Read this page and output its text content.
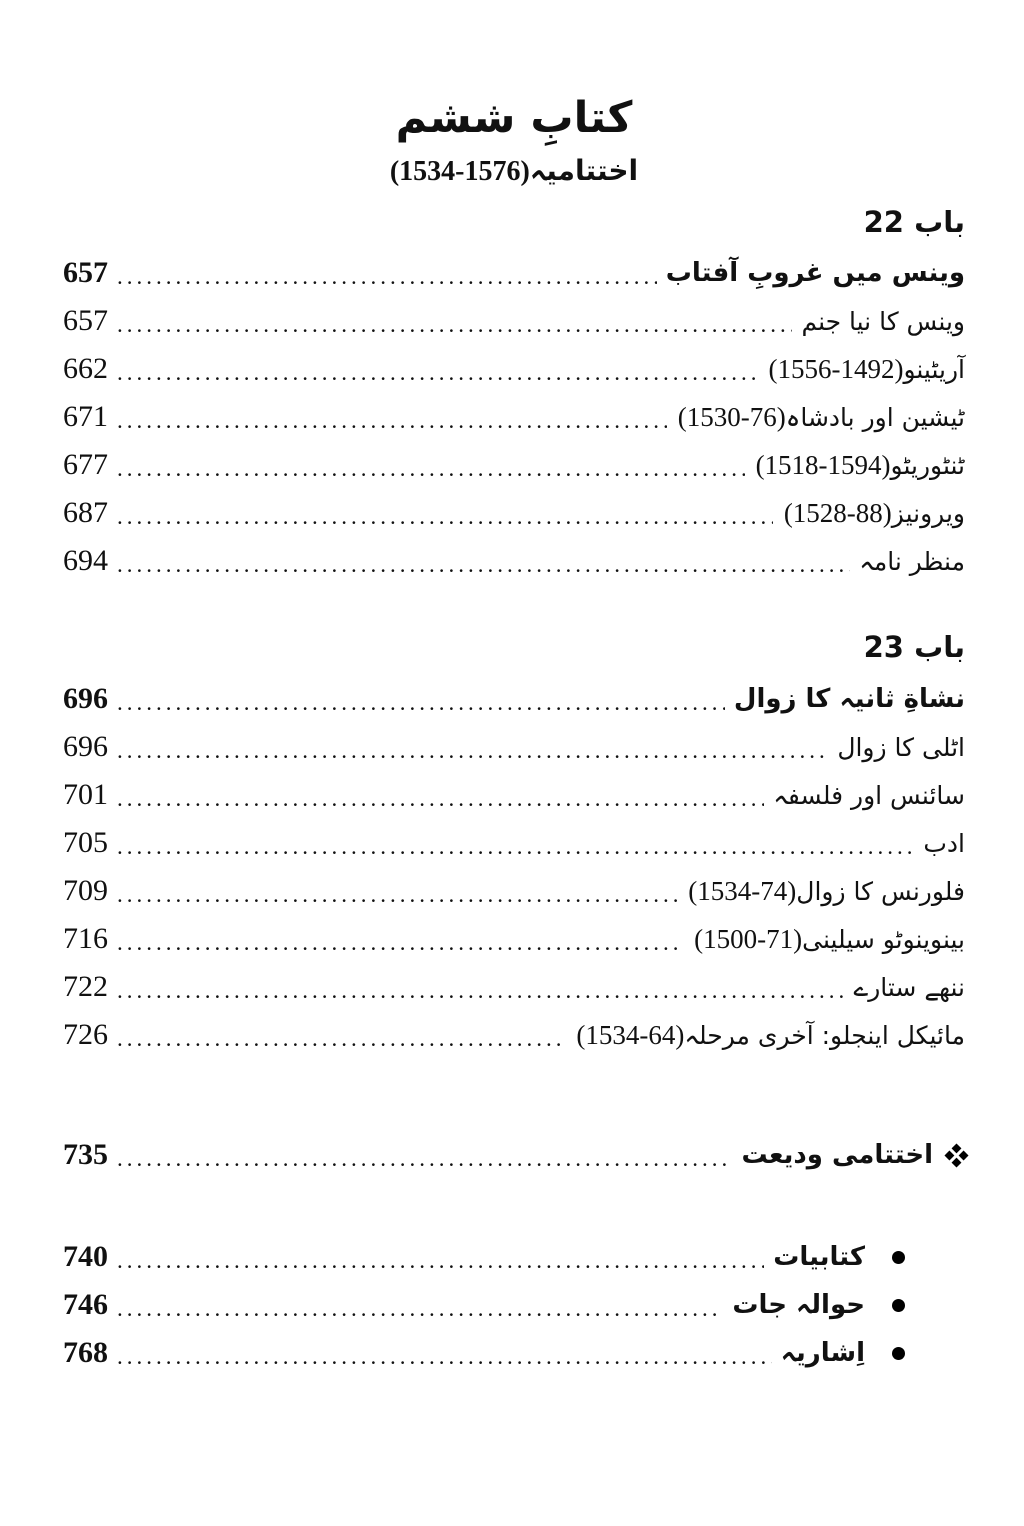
کتابِ ششم
اختتامیہ(1534-1576)
باب 22
وینس میں غروبِ آفتاب
.....
657
وینس کا نیا جنم
.....
657
آریٹینو
(1556-1492)
.....
662
ٹیشین اور بادشاہ
(1530-76)
.....
671
ٹنٹوریٹو
(1518-1594)
.....
677
ویرونیز
(1528-88)
.....
687
منظر نامہ
.....
694
باب 23
نشاةِ ثانیہ کا زوال
.....
696
اٹلی کا زوال
.....
696
سائنس اور فلسفہ
.....
701
ادب
.....
705
فلورنس کا زوال
(1534-74)
.....
709
بینوینوٹو سیلینی
(1500-71)
.....
716
ننھے ستارے
.....
722
مائیکل اینجلو: آخری مرحلہ
(1534-64)
.....
726
اختتامی ودیعت
.....
735
کتابیات
.....
740
حوالہ جات
.....
746
اِشاریہ
.....
768
